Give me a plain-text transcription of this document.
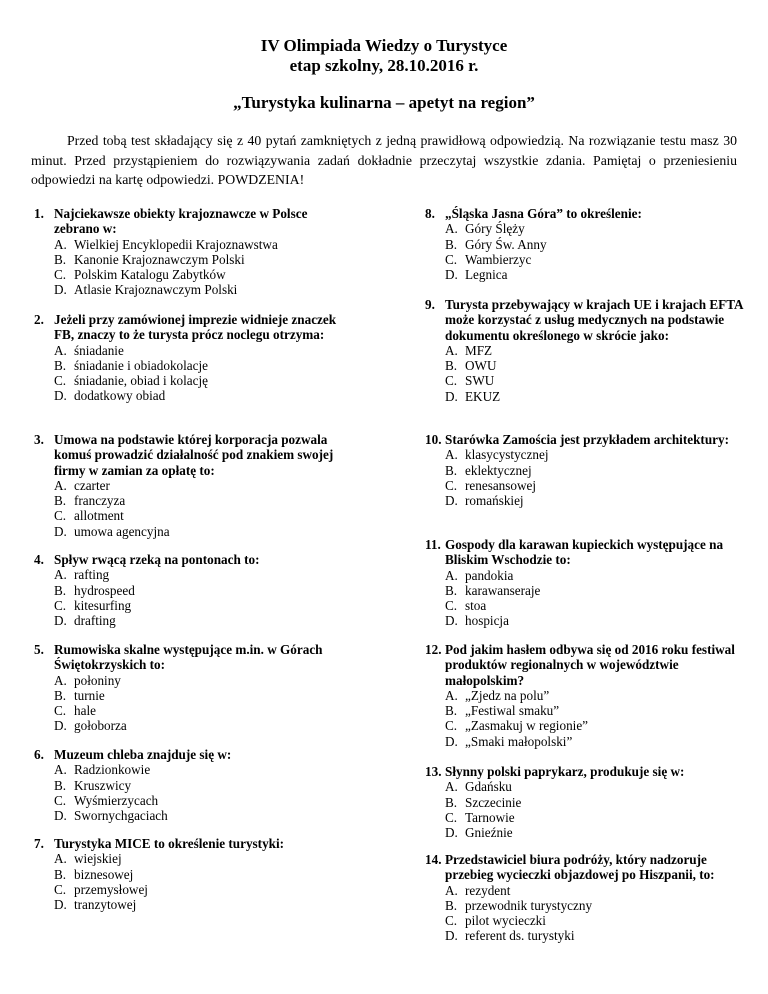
IV Olimpiada Wiedzy o Turystyce
etap szkolny, 28.10.2016 r.
„Turystyka kulinarna – apetyt na region”
Przed tobą test składający się z 40 pytań zamkniętych z jedną prawidłową odpowiedzią. Na rozwiązanie testu masz 30 minut. Przed przystąpieniem do rozwiązywania zadań dokładnie przeczytaj wszystkie zdania. Pamiętaj o przeniesieniu odpowiedzi na kartę odpowiedzi. POWDZENIA!
1. Najciekawsze obiekty krajoznawcze w Polsce zebrano w:
A. Wielkiej Encyklopedii Krajoznawstwa
B. Kanonie Krajoznawczym Polski
C. Polskim Katalogu Zabytków
D. Atlasie Krajoznawczym Polski
2. Jeżeli przy zamówionej imprezie widnieje znaczek FB, znaczy to że turysta prócz noclegu otrzyma:
A. śniadanie
B. śniadanie i obiadokolacje
C. śniadanie, obiad i kolację
D. dodatkowy obiad
3. Umowa na podstawie której korporacja pozwala komuś prowadzić działalność pod znakiem swojej firmy w zamian za opłatę to:
A. czarter
B. franczyza
C. allotment
D. umowa agencyjna
4. Spływ rwącą rzeką na pontonach to:
A. rafting
B. hydrospeed
C. kitesurfing
D. drafting
5. Rumowiska skalne występujące m.in. w Górach Świętokrzyskich to:
A. połoniny
B. turnie
C. hale
D. gołoborza
6. Muzeum chleba znajduje się w:
A. Radzionkowie
B. Kruszwicy
C. Wyśmierzycach
D. Swornychgaciach
7. Turystyka MICE to określenie turystyki:
A. wiejskiej
B. biznesowej
C. przemysłowej
D. tranzytowej
8. „Śląska Jasna Góra” to określenie:
A. Góry Ślęży
B. Góry Św. Anny
C. Wambierzyc
D. Legnica
9. Turysta przebywający w krajach UE i krajach EFTA może korzystać z usług medycznych na podstawie dokumentu określonego w skrócie jako:
A. MFZ
B. OWU
C. SWU
D. EKUZ
10. Starówka Zamościa jest przykładem architektury:
A. klasycystycznej
B. eklektycznej
C. renesansowej
D. romańskiej
11. Gospody dla karawan kupieckich występujące na Bliskim Wschodzie to:
A. pandokia
B. karawanseraje
C. stoa
D. hospicja
12. Pod jakim hasłem odbywa się od 2016 roku festiwal produktów regionalnych w województwie małopolskim?
A. „Zjedz na polu”
B. „Festiwal smaku”
C. „Zasmakuj w regionie”
D. „Smaki małopolski”
13. Słynny polski paprykarz, produkuje się w:
A. Gdańsku
B. Szczecinie
C. Tarnowie
D. Gnieźnie
14. Przedstawiciel biura podróży, który nadzoruje przebieg wycieczki objazdowej po Hiszpanii, to:
A. rezydent
B. przewodnik turystyczny
C. pilot wycieczki
D. referent ds. turystyki
